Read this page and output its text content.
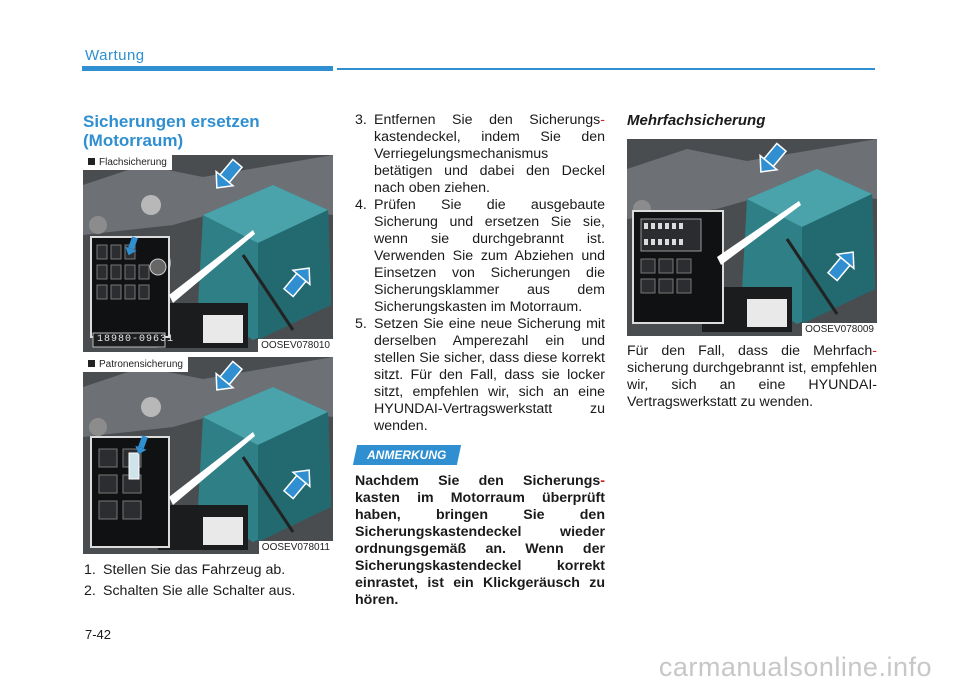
Wartung
Sicherungen ersetzen
(Motorraum)
Flachsicherung
18980-09631
OOSEV078010
Patronensicherung
OOSEV078011
1. Stellen Sie das Fahrzeug ab.
2. Schalten Sie alle Schalter aus.
3. Entfernen Sie den Sicherungs- kastendeckel, indem Sie den Verriegelungsmechanismus betätigen und dabei den Deckel nach oben ziehen.
4. Prüfen Sie die ausgebaute Sicherung und ersetzen Sie sie, wenn sie durchgebrannt ist. Verwenden Sie zum Abziehen und Einsetzen von Sicherungen die Sicherungsklammer aus dem Sicherungskasten im Motorraum.
5. Setzen Sie eine neue Sicherung mit derselben Amperezahl ein und stellen Sie sicher, dass diese korrekt sitzt. Für den Fall, dass sie locker sitzt, empfehlen wir, sich an eine HYUNDAI-Vertragswerkstatt zu wenden.
ANMERKUNG
Nachdem Sie den Sicherungs- kasten im Motorraum überprüft haben, bringen Sie den Sicherungskastendeckel wieder ordnungsgemäß an. Wenn der Sicherungskastendeckel korrekt einrastet, ist ein Klickgeräusch zu hören.
Mehrfachsicherung
OOSEV078009
Für den Fall, dass die Mehrfach- sicherung durchgebrannt ist, empfehlen wir, sich an eine HYUNDAI-Vertragswerkstatt zu wenden.
7-42
carmanualsonline.info
